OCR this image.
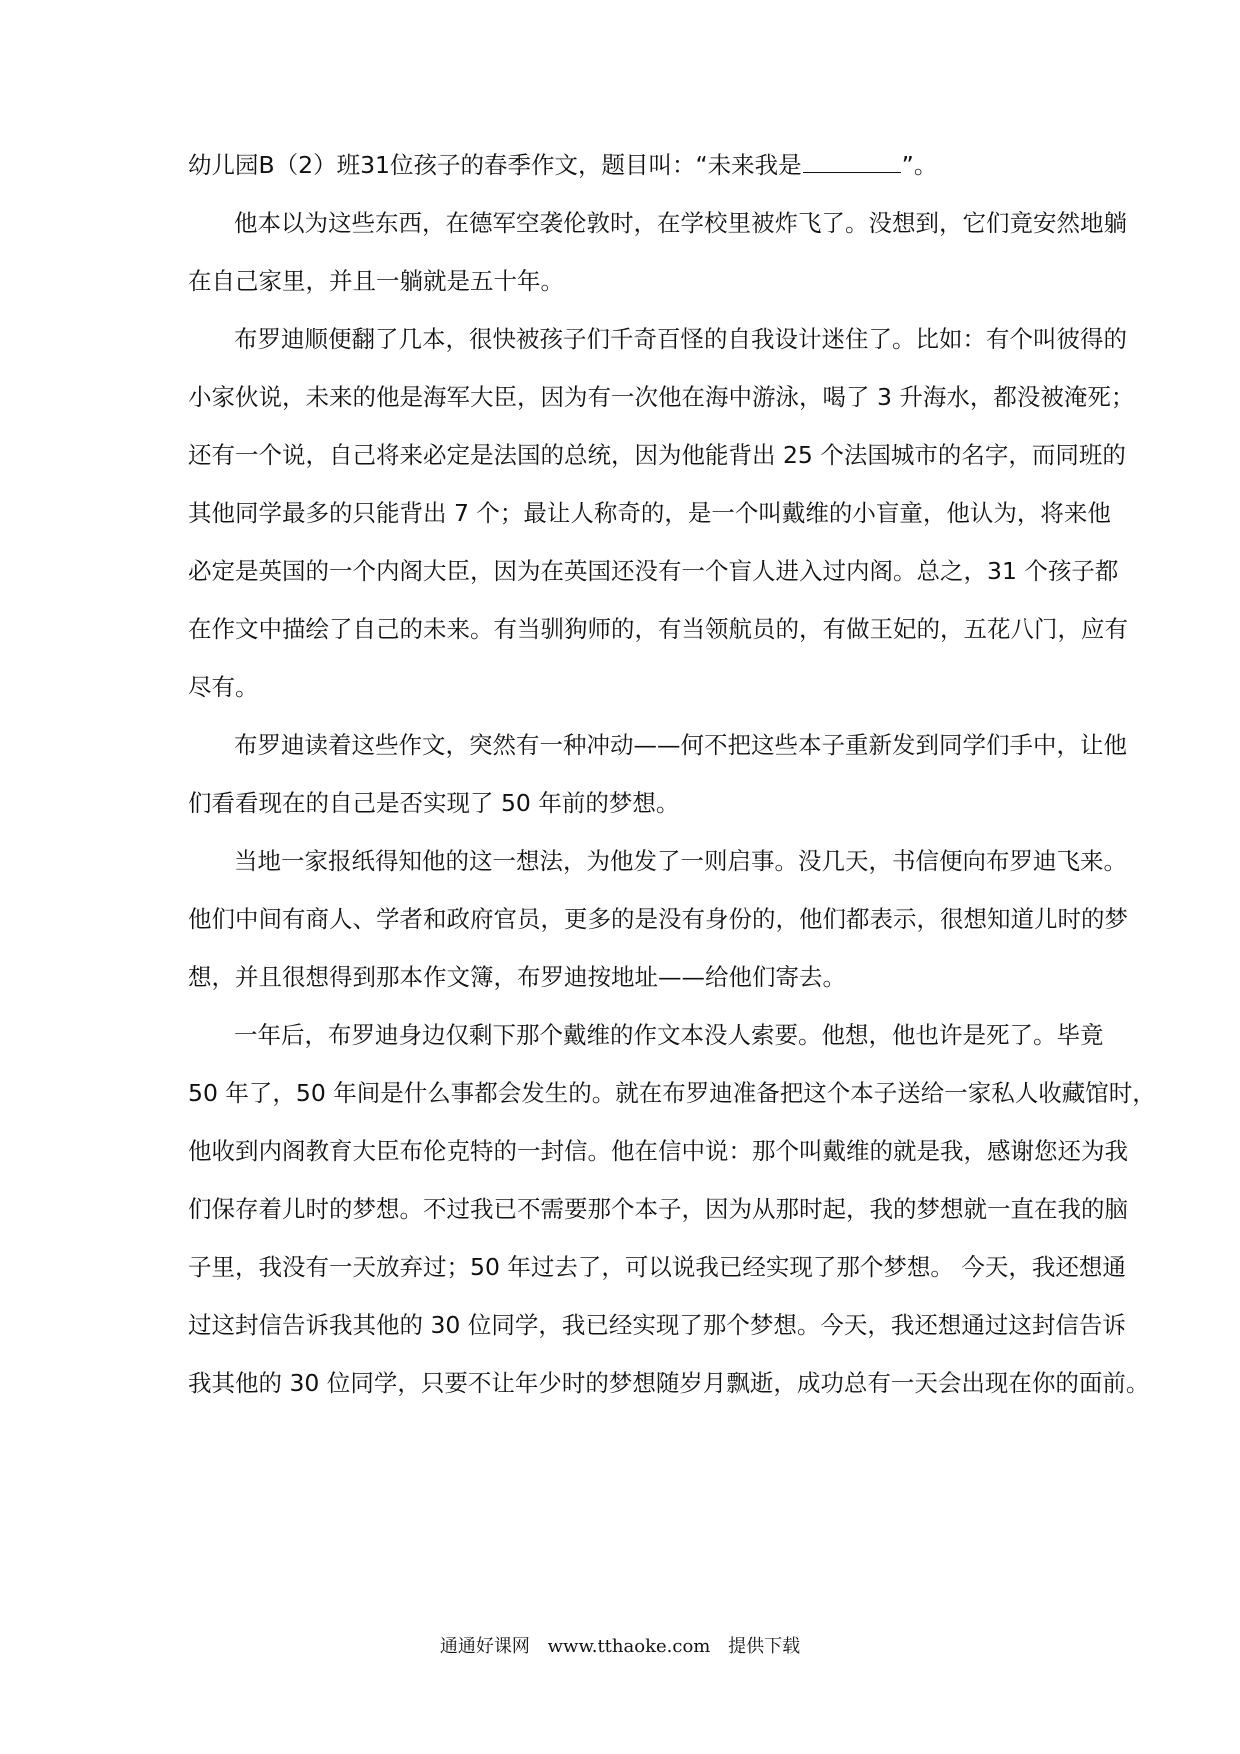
幼儿园B（2）班31位孩子的春季作文，题目叫：“未来我是	”。
他本以为这些东西，在德军空袭伦敦时，在学校里被炸飞了。没想到，它们竟安然地躺
在自己家里，并且一躺就是五十年。
布罗迪顺便翻了几本，很快被孩子们千奇百怪的自我设计迷住了。比如：有个叫彼得的
小家伙说，未来的他是海军大臣，因为有一次他在海中游泳，喝了 3 升海水，都没被淹死；
还有一个说，自己将来必定是法国的总统，因为他能背出 25 个法国城市的名字，而同班的
其他同学最多的只能背出 7 个；最让人称奇的，是一个叫戴维的小盲童，他认为，将来他
必定是英国的一个内阁大臣，因为在英国还没有一个盲人进入过内阁。总之，31 个孩子都
在作文中描绘了自己的未来。有当驯狗师的，有当领航员的，有做王妃的，五花八门，应有
尽有。
布罗迪读着这些作文，突然有一种冲动——何不把这些本子重新发到同学们手中，让他
们看看现在的自己是否实现了 50 年前的梦想。
当地一家报纸得知他的这一想法，为他发了一则启事。没几天，书信便向布罗迪飞来。
他们中间有商人、学者和政府官员，更多的是没有身份的，他们都表示，很想知道儿时的梦
想，并且很想得到那本作文簿，布罗迪按地址——给他们寄去。
一年后，布罗迪身边仅剩下那个戴维的作文本没人索要。他想，他也许是死了。毕竟
50 年了，50 年间是什么事都会发生的。就在布罗迪准备把这个本子送给一家私人收藏馆时，
他收到内阁教育大臣布伦克特的一封信。他在信中说：那个叫戴维的就是我，感谢您还为我
们保存着儿时的梦想。不过我已不需要那个本子，因为从那时起，我的梦想就一直在我的脑
子里，我没有一天放弃过；50 年过去了，可以说我已经实现了那个梦想。 今天，我还想通
过这封信告诉我其他的 30 位同学，我已经实现了那个梦想。今天，我还想通过这封信告诉
我其他的 30 位同学，只要不让年少时的梦想随岁月飘逝，成功总有一天会出现在你的面前。
通通好课网 www.tthaoke.com 提供下载
